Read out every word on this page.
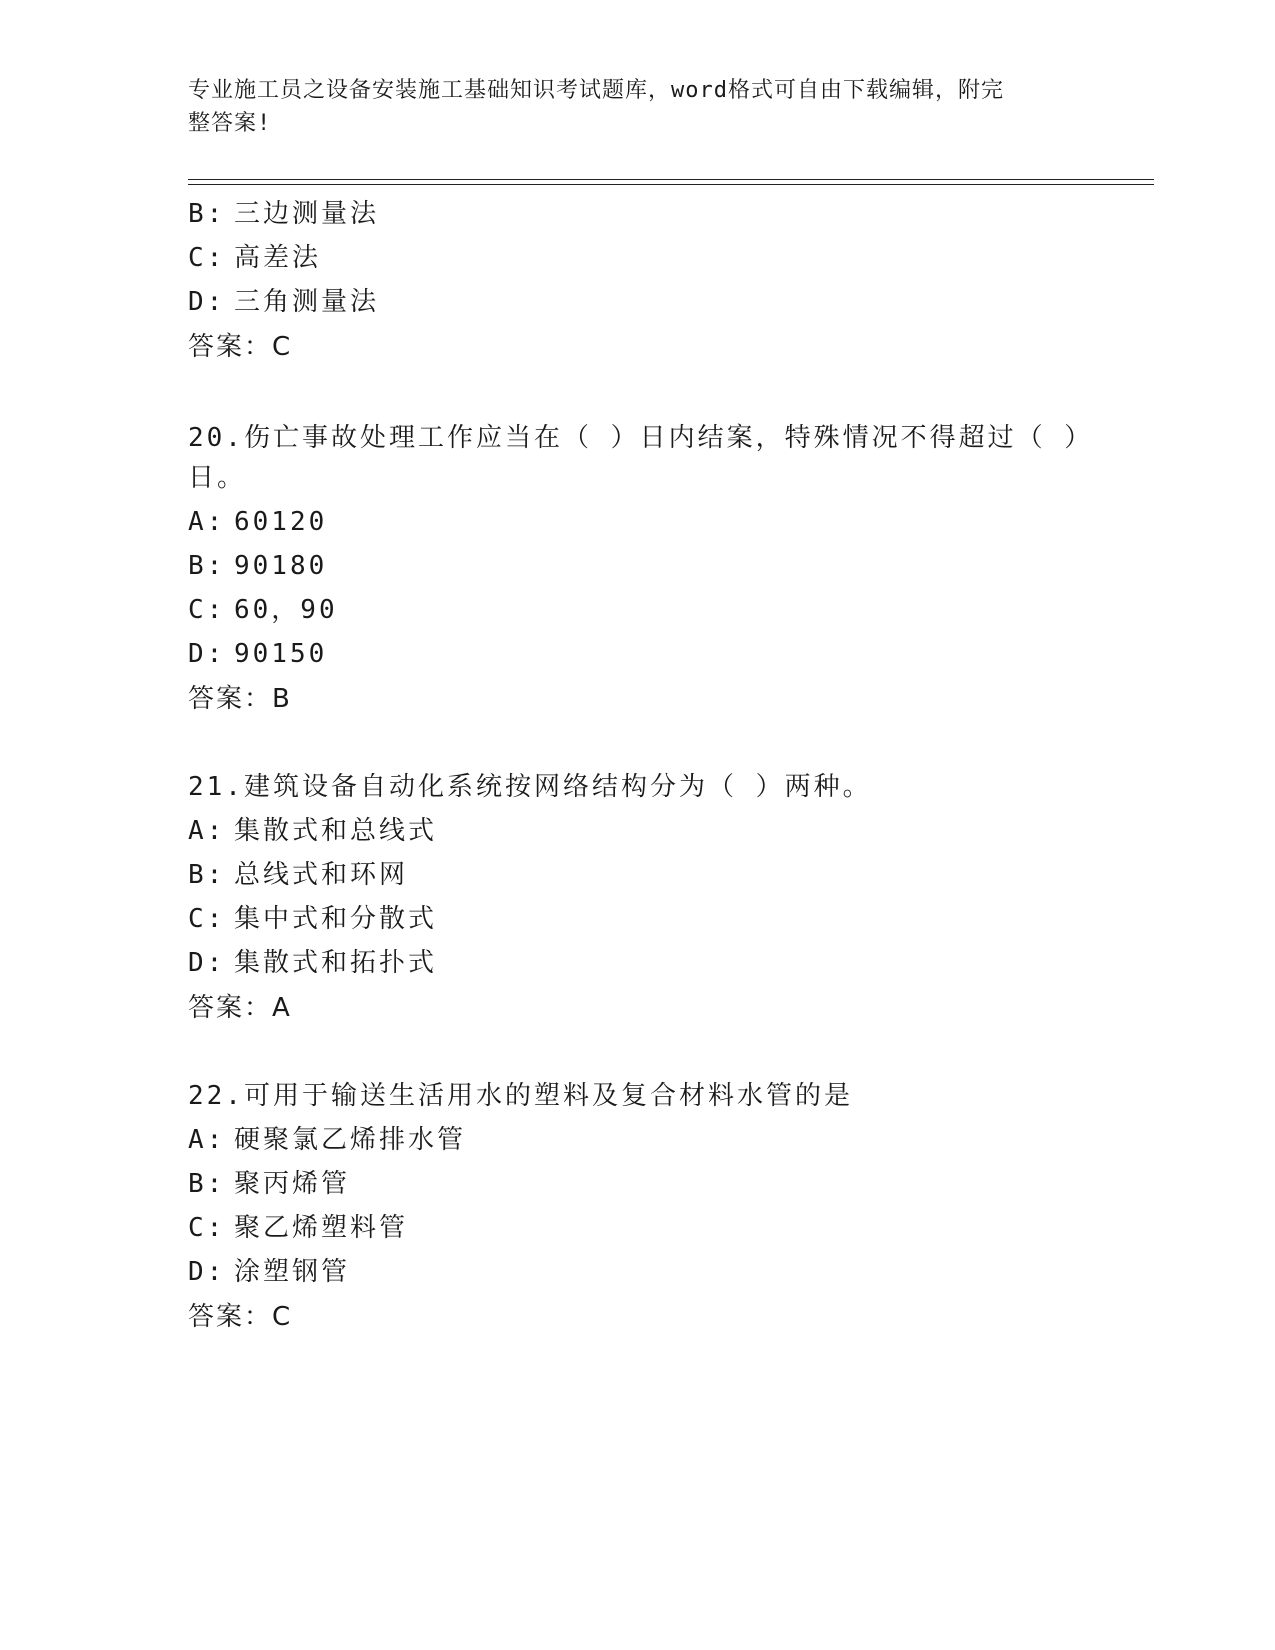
专业施工员之设备安装施工基础知识考试题库，word格式可自由下载编辑，附完
整答案!
B: 三边测量法
C: 高差法
D: 三角测量法
答案：C
20.伤亡事故处理工作应当在（ ）日内结案，特殊情况不得超过（ ）
日。
A: 60120
B: 90180
C: 60，90
D: 90150
答案：B
21.建筑设备自动化系统按网络结构分为（ ）两种。
A: 集散式和总线式
B: 总线式和环网
C: 集中式和分散式
D: 集散式和拓扑式
答案：A
22.可用于输送生活用水的塑料及复合材料水管的是
A: 硬聚氯乙烯排水管
B: 聚丙烯管
C: 聚乙烯塑料管
D: 涂塑钢管
答案：C
